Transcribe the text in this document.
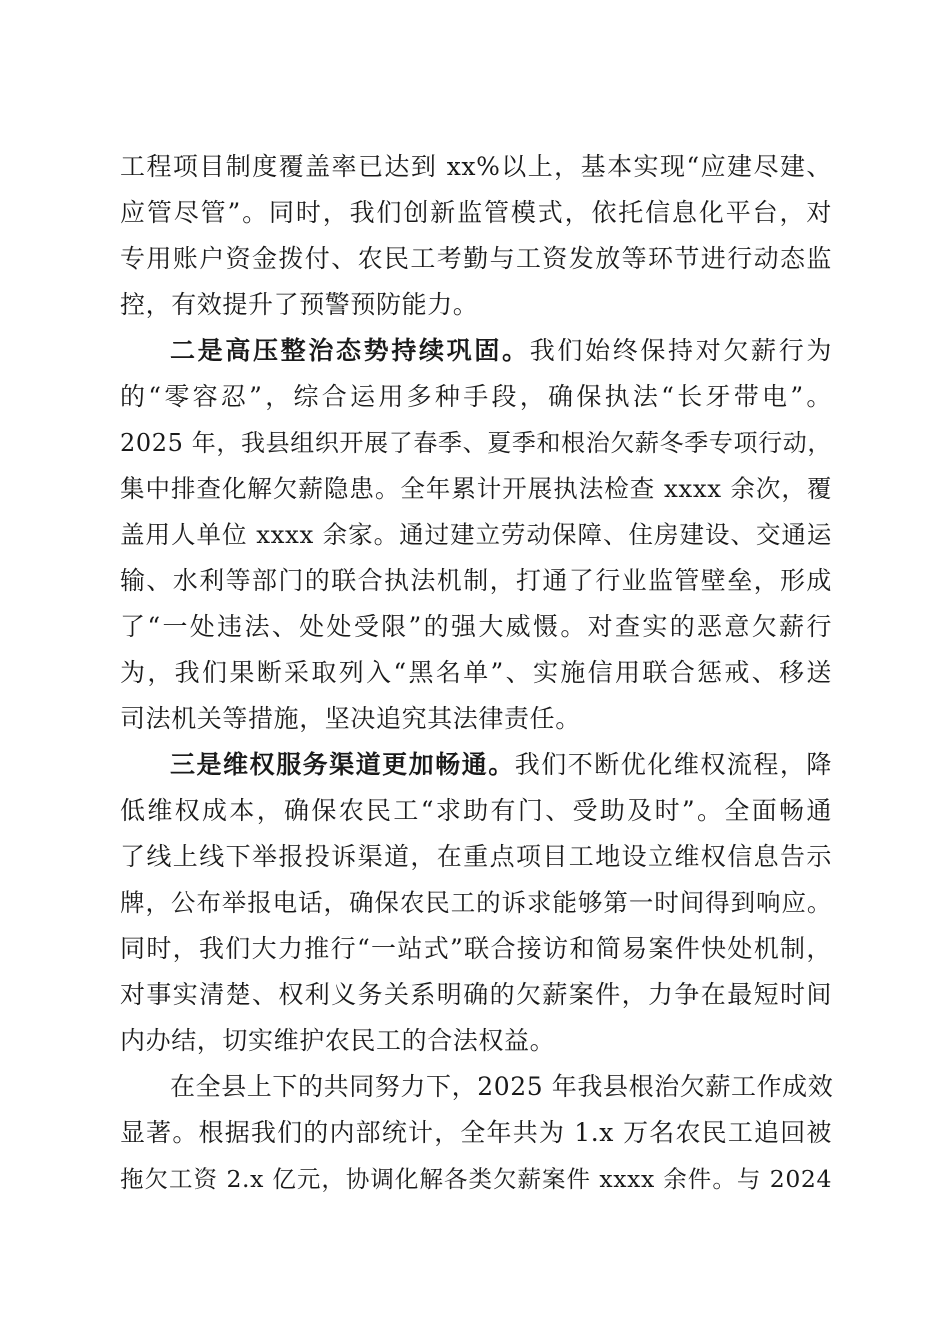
工程项目制度覆盖率已达到 xx%以上，基本实现“应建尽建、
应管尽管”。同时，我们创新监管模式，依托信息化平台，对
专用账户资金拨付、农民工考勤与工资发放等环节进行动态监
控，有效提升了预警预防能力。
二是高压整治态势持续巩固。我们始终保持对欠薪行为
的“零容忍”，综合运用多种手段，确保执法“长牙带电”。
2025 年，我县组织开展了春季、夏季和根治欠薪冬季专项行动，
集中排查化解欠薪隐患。全年累计开展执法检查 xxxx 余次，覆
盖用人单位 xxxx 余家。通过建立劳动保障、住房建设、交通运
输、水利等部门的联合执法机制，打通了行业监管壁垒，形成
了“一处违法、处处受限”的强大威慑。对查实的恶意欠薪行
为，我们果断采取列入“黑名单”、实施信用联合惩戒、移送
司法机关等措施，坚决追究其法律责任。
三是维权服务渠道更加畅通。我们不断优化维权流程，降
低维权成本，确保农民工“求助有门、受助及时”。全面畅通
了线上线下举报投诉渠道，在重点项目工地设立维权信息告示
牌，公布举报电话，确保农民工的诉求能够第一时间得到响应。
同时，我们大力推行“一站式”联合接访和简易案件快处机制，
对事实清楚、权利义务关系明确的欠薪案件，力争在最短时间
内办结，切实维护农民工的合法权益。
在全县上下的共同努力下，2025 年我县根治欠薪工作成效
显著。根据我们的内部统计，全年共为 1.x 万名农民工追回被
拖欠工资 2.x 亿元，协调化解各类欠薪案件 xxxx 余件。与 2024
